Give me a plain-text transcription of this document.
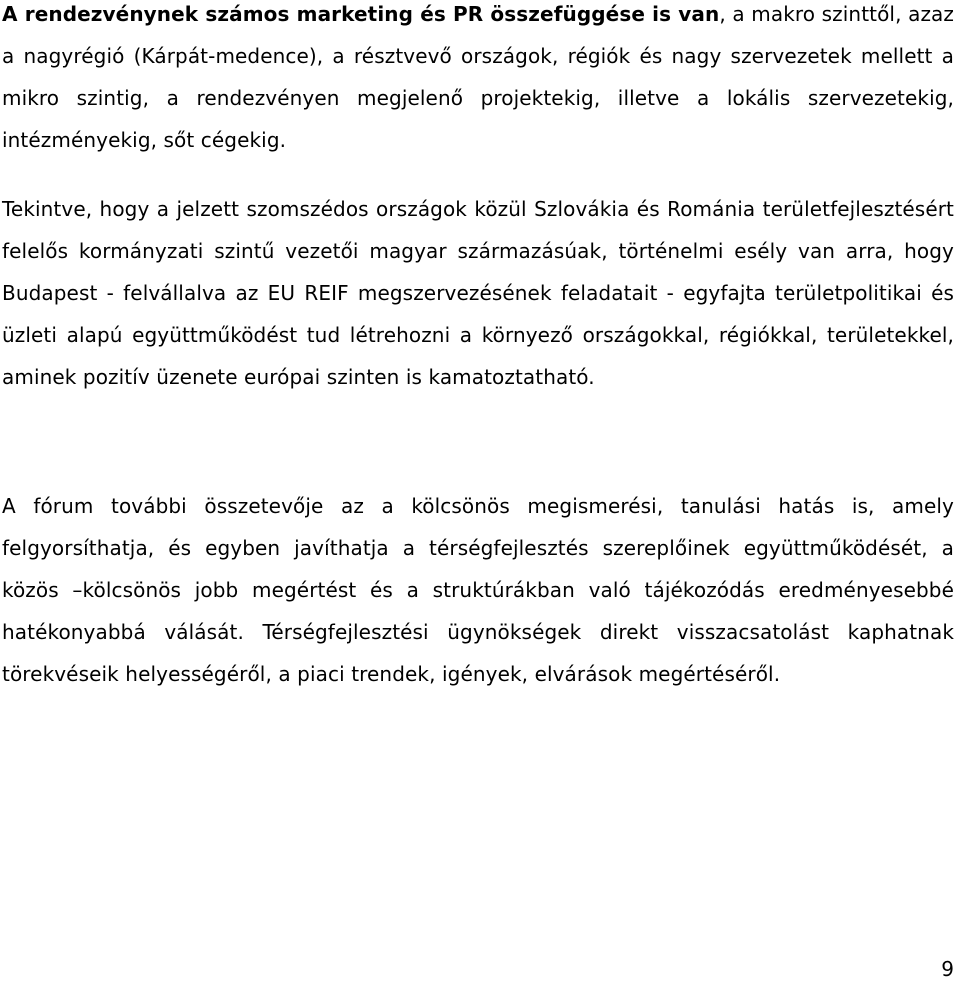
A rendezvénynek számos marketing és PR összefüggése is van, a makro szinttől, azaz a nagyrégió (Kárpát-medence), a résztvevő országok, régiók és nagy szervezetek mellett a mikro szintig, a rendezvényen megjelenő projektekig, illetve a lokális szervezetekig, intézményekig, sőt cégekig.

Tekintve, hogy a jelzett szomszédos országok közül Szlovákia és Románia területfejlesztésért felelős kormányzati szintű vezetői magyar származásúak, történelmi esély van arra, hogy Budapest - felvállalva az EU REIF megszervezésének feladatait - egyfajta területpolitikai és üzleti alapú együttműködést tud létrehozni a környező országokkal, régiókkal, területekkel, aminek pozitív üzenete európai szinten is kamatoztatható.

A fórum további összetevője az a kölcsönös megismerési, tanulási hatás is, amely felgyorsíthatja, és egyben javíthatja a térségfejlesztés szereplőinek együttműködését, a közös –kölcsönös jobb megértést és a struktúrákban való tájékozódás eredményesebbé hatékonyabbá válását. Térségfejlesztési ügynökségek direkt visszacsatolást kaphatnak törekvéseik helyességéről, a piaci trendek, igények, elvárások megértéséről.

9
